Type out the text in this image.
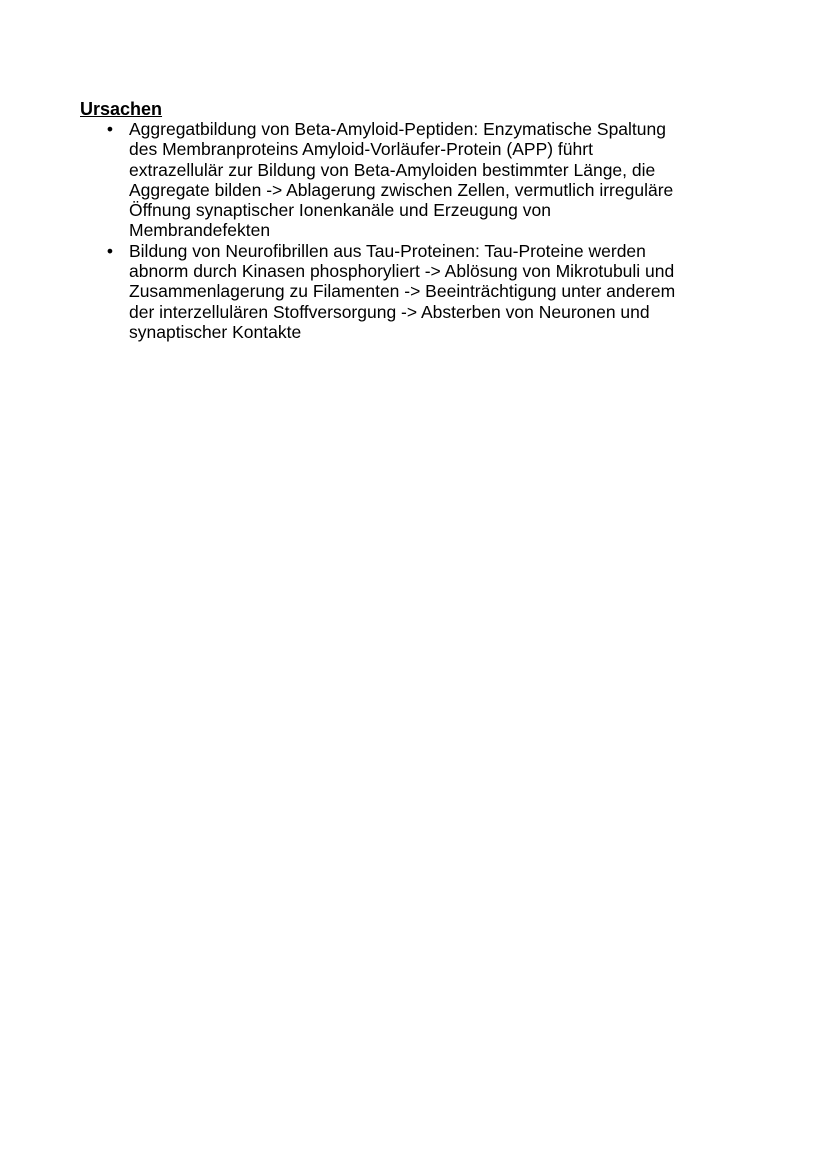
Ursachen
• Aggregatbildung von Beta-Amyloid-Peptiden: Enzymatische Spaltung
des Membranproteins Amyloid-Vorläufer-Protein (APP) führt
extrazellulär zur Bildung von Beta-Amyloiden bestimmter Länge, die
Aggregate bilden -> Ablagerung zwischen Zellen, vermutlich irreguläre
Öffnung synaptischer Ionenkanäle und Erzeugung von
Membrandefekten
• Bildung von Neurofibrillen aus Tau-Proteinen: Tau-Proteine werden
abnorm durch Kinasen phosphoryliert -> Ablösung von Mikrotubuli und
Zusammenlagerung zu Filamenten -> Beeinträchtigung unter anderem
der interzellulären Stoffversorgung -> Absterben von Neuronen und
synaptischer Kontakte
